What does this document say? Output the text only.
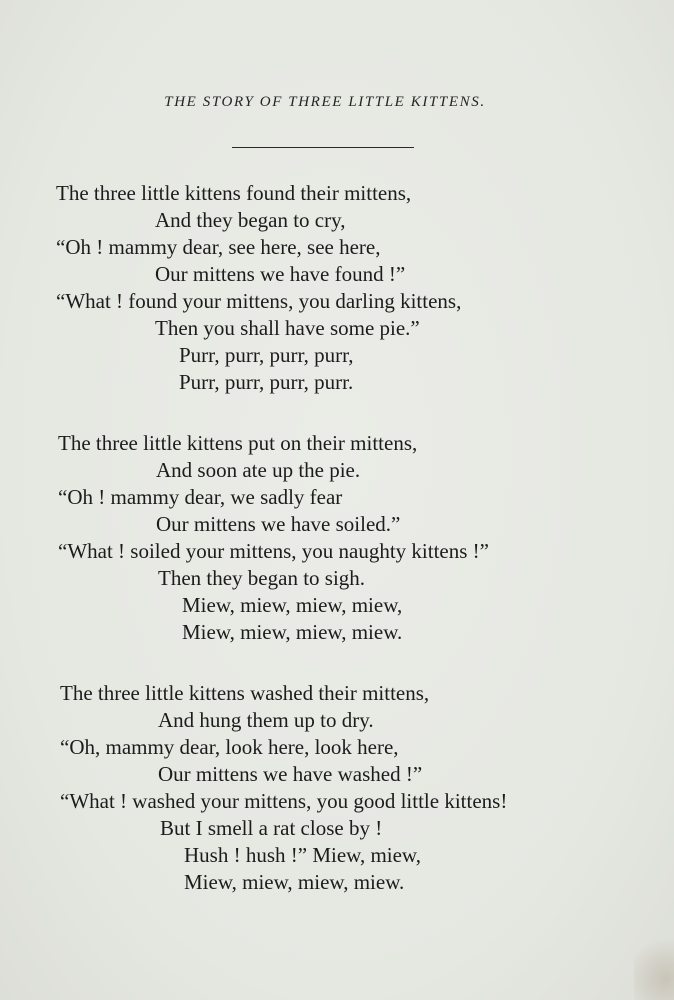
THE STORY OF THREE LITTLE KITTENS.
The three little kittens found their mittens,
And they began to cry,
“Oh ! mammy dear, see here, see here,
Our mittens we have found !”
“What ! found your mittens, you darling kittens,
Then you shall have some pie.”
Purr, purr, purr, purr,
Purr, purr, purr, purr.
The three little kittens put on their mittens,
And soon ate up the pie.
“Oh ! mammy dear, we sadly fear
Our mittens we have soiled.”
“What ! soiled your mittens, you naughty kittens !”
Then they began to sigh.
Miew, miew, miew, miew,
Miew, miew, miew, miew.
The three little kittens washed their mittens,
And hung them up to dry.
“Oh, mammy dear, look here, look here,
Our mittens we have washed !”
“What ! washed your mittens, you good little kittens!
But I smell a rat close by !
Hush ! hush !” Miew, miew,
Miew, miew, miew, miew.
